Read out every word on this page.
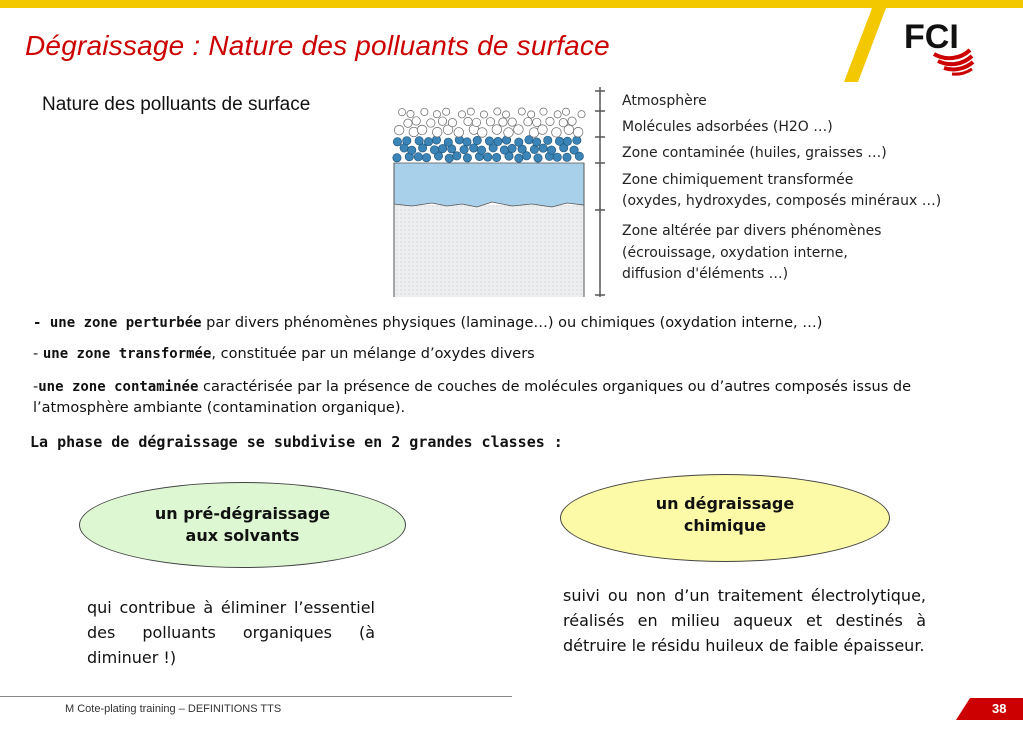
Dégraissage : Nature des polluants de surface	FCI
Nature des polluants de surface	Atmosphère
Molécules adsorbées (H2O …)
Zone contaminée (huiles, graisses …)
Zone chimiquement transformée
(oxydes, hydroxydes, composés minéraux …)
Zone altérée par divers phénomènes
(écrouissage, oxydation interne,
diffusion d'éléments …)
- une zone perturbée par divers phénomènes physiques (laminage…) ou chimiques (oxydation interne, …)
- une zone transformée, constituée par un mélange d’oxydes divers
-une zone contaminée caractérisée par la présence de couches de molécules organiques ou d’autres composés issus de l’atmosphère ambiante (contamination organique).
La phase de dégraissage se subdivise en 2 grandes classes :
un pré-dégraissage
aux solvants
un dégraissage
chimique
qui contribue à éliminer l’essentiel des polluants organiques (à diminuer !)
suivi ou non d’un traitement électrolytique, réalisés en milieu aqueux et destinés à détruire le résidu huileux de faible épaisseur.
M Cote-plating training – DEFINITIONS TTS	38
